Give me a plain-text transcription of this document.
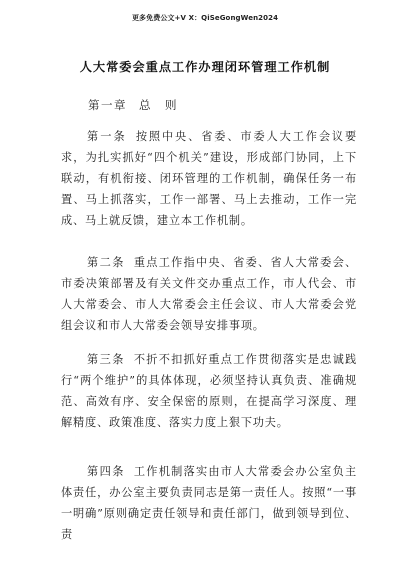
更多免费公文+V X：QiSeGongWen2024
人大常委会重点工作办理闭环管理工作机制
第一章 总　则
第一条 按照中央、省委、市委人大工作会议要求，为扎实抓好“四个机关”建设，形成部门协同，上下联动，有机衔接、闭环管理的工作机制，确保任务一布置、马上抓落实，工作一部署、马上去推动，工作一完成、马上就反馈，建立本工作机制。
第二条 重点工作指中央、省委、省人大常委会、市委决策部署及有关文件交办重点工作，市人代会、市人大常委会、市人大常委会主任会议、市人大常委会党组会议和市人大常委会领导安排事项。
第三条 不折不扣抓好重点工作贯彻落实是忠诚践行“两个维护”的具体体现，必须坚持认真负责、准确规范、高效有序、安全保密的原则，在提高学习深度、理解精度、政策准度、落实力度上狠下功夫。
第四条 工作机制落实由市人大常委会办公室负主体责任，办公室主要负责同志是第一责任人。按照“一事一明确”原则确定责任领导和责任部门，做到领导到位、责
